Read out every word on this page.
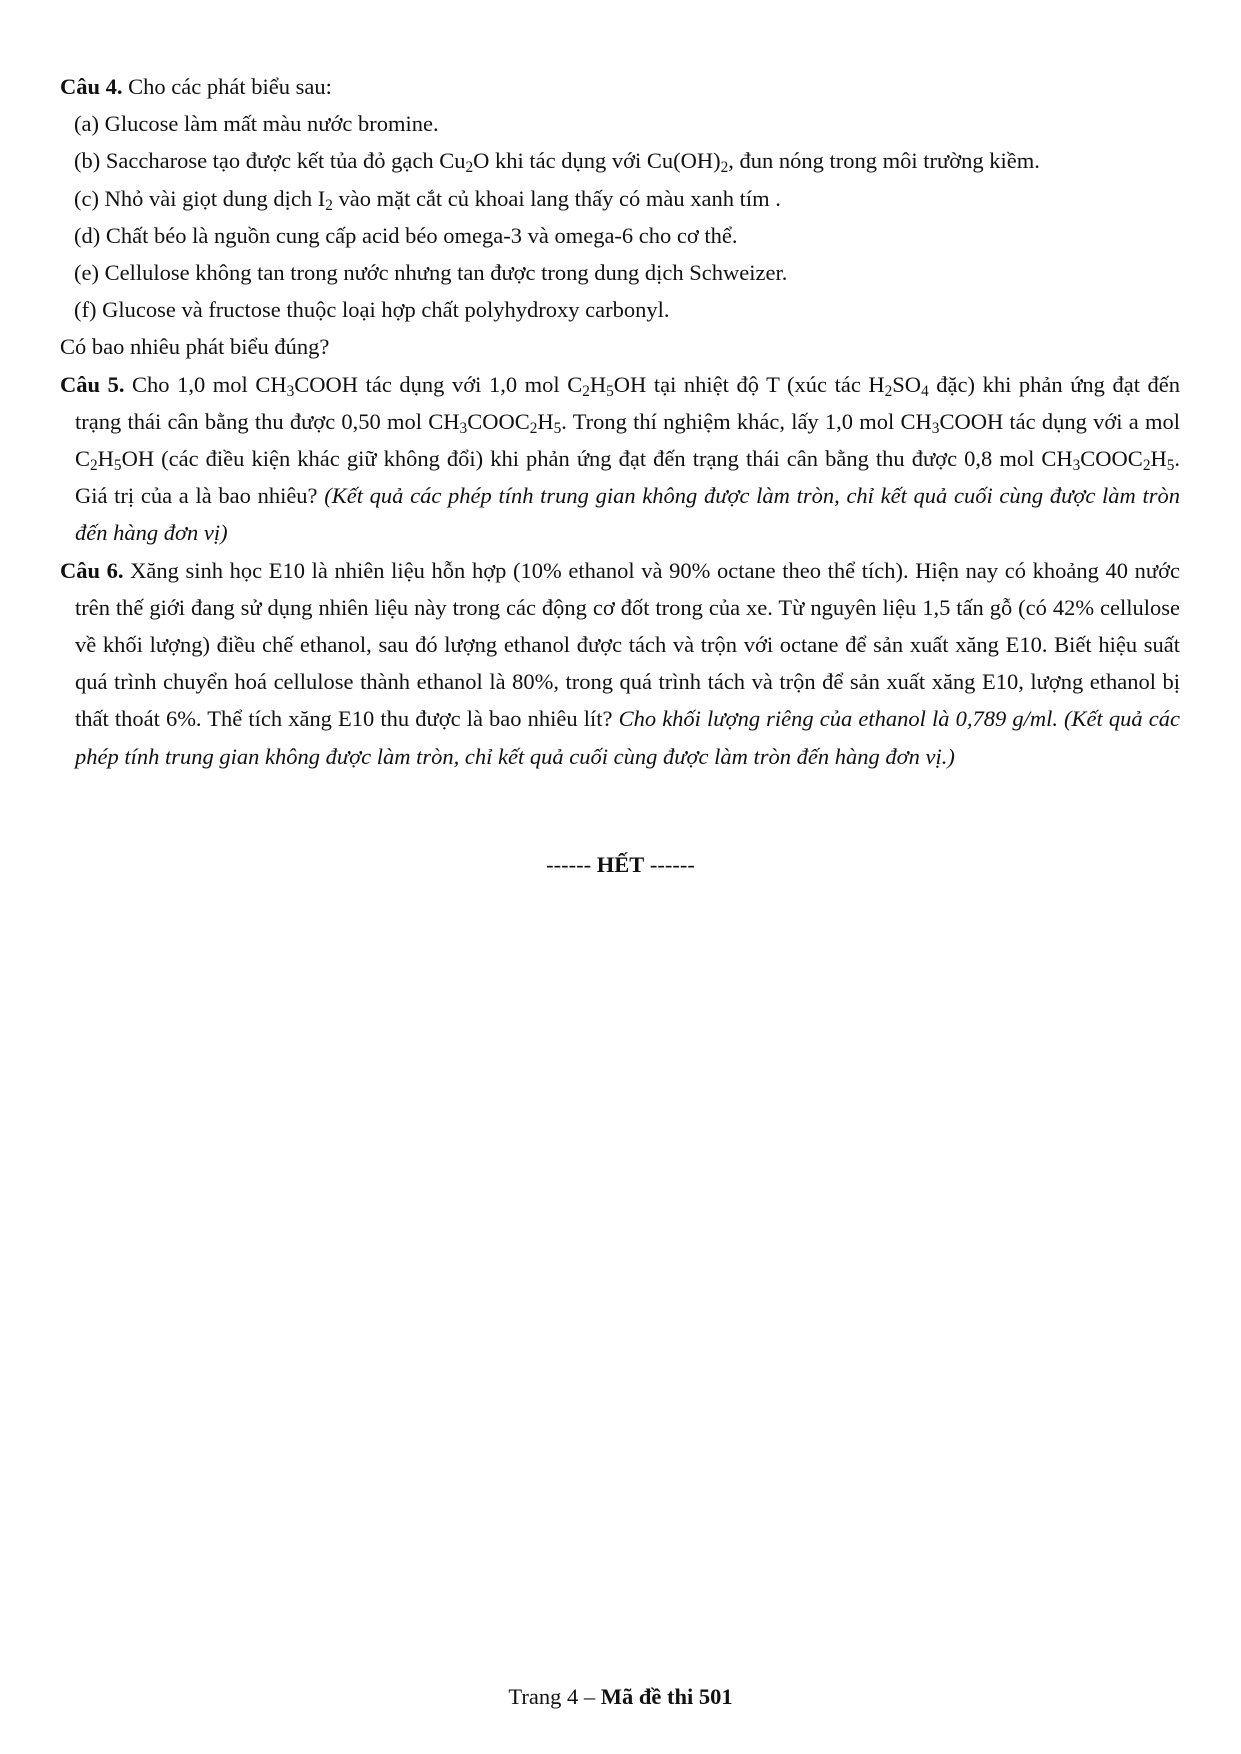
Câu 4. Cho các phát biểu sau:
(a) Glucose làm mất màu nước bromine.
(b) Saccharose tạo được kết tủa đỏ gạch $Cu_2O$ khi tác dụng với $Cu(OH)_2$, đun nóng trong môi trường kiềm.
(c) Nhỏ vài giọt dung dịch $I_2$ vào mặt cắt củ khoai lang thấy có màu xanh tím .
(d) Chất béo là nguồn cung cấp acid béo omega-3 và omega-6 cho cơ thể.
(e) Cellulose không tan trong nước nhưng tan được trong dung dịch Schweizer.
(f) Glucose và fructose thuộc loại hợp chất polyhydroxy carbonyl.
Có bao nhiêu phát biểu đúng?
Câu 5. Cho 1,0 mol $CH_3COOH$ tác dụng với 1,0 mol $C_2H_5OH$ tại nhiệt độ T (xúc tác $H_2SO_4$ đặc) khi phản ứng đạt đến trạng thái cân bằng thu được 0,50 mol $CH_3COOC_2H_5$. Trong thí nghiệm khác, lấy 1,0 mol $CH_3COOH$ tác dụng với a mol $C_2H_5OH$ (các điều kiện khác giữ không đổi) khi phản ứng đạt đến trạng thái cân bằng thu được 0,8 mol $CH_3COOC_2H_5$. Giá trị của a là bao nhiêu? (Kết quả các phép tính trung gian không được làm tròn, chỉ kết quả cuối cùng được làm tròn đến hàng đơn vị)
Câu 6. Xăng sinh học E10 là nhiên liệu hỗn hợp (10% ethanol và 90% octane theo thể tích). Hiện nay có khoảng 40 nước trên thế giới đang sử dụng nhiên liệu này trong các động cơ đốt trong của xe. Từ nguyên liệu 1,5 tấn gỗ (có 42% cellulose về khối lượng) điều chế ethanol, sau đó lượng ethanol được tách và trộn với octane để sản xuất xăng E10. Biết hiệu suất quá trình chuyển hoá cellulose thành ethanol là 80%, trong quá trình tách và trộn để sản xuất xăng E10, lượng ethanol bị thất thoát 6%. Thể tích xăng E10 thu được là bao nhiêu lít? Cho khối lượng riêng của ethanol là 0,789 g/ml. (Kết quả các phép tính trung gian không được làm tròn, chỉ kết quả cuối cùng được làm tròn đến hàng đơn vị.)
------ HẾT ------
Trang 4 – Mã đề thi 501
